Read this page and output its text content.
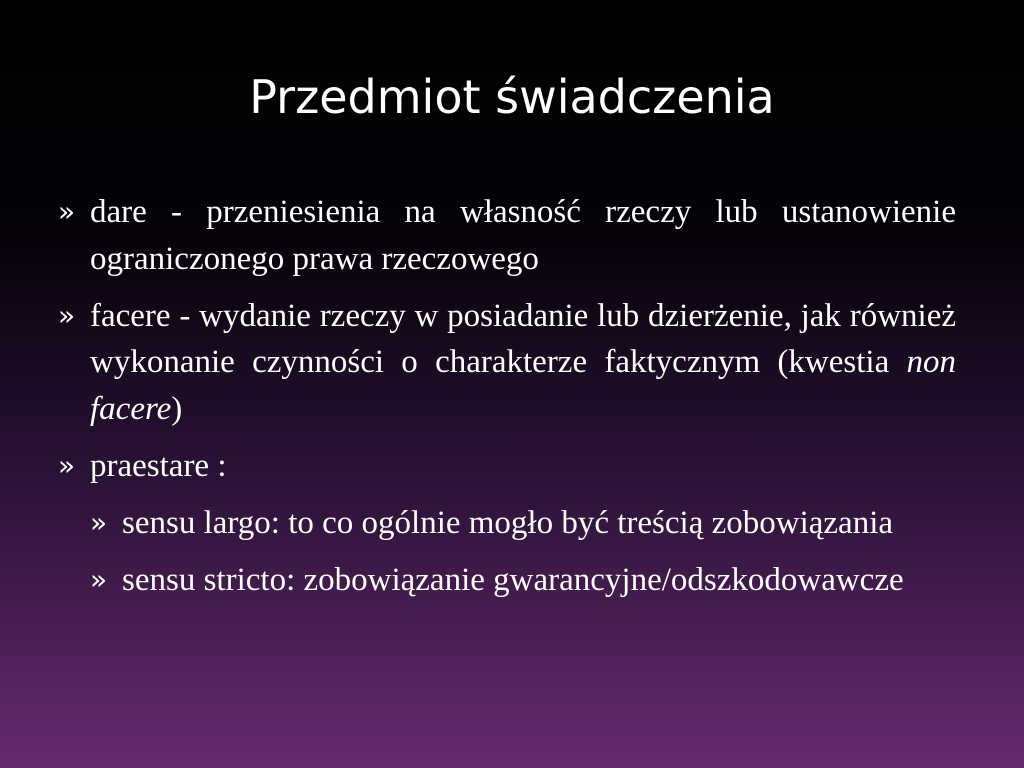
Przedmiot świadczenia
» dare - przeniesienia na własność rzeczy lub ustanowienie ograniczonego prawa rzeczowego
» facere - wydanie rzeczy w posiadanie lub dzierżenie, jak również wykonanie czynności o charakterze faktycznym (kwestia non facere)
» praestare :
» sensu largo: to co ogólnie mogło być treścią zobowiązania
» sensu stricto: zobowiązanie gwarancyjne/odszkodowawcze
